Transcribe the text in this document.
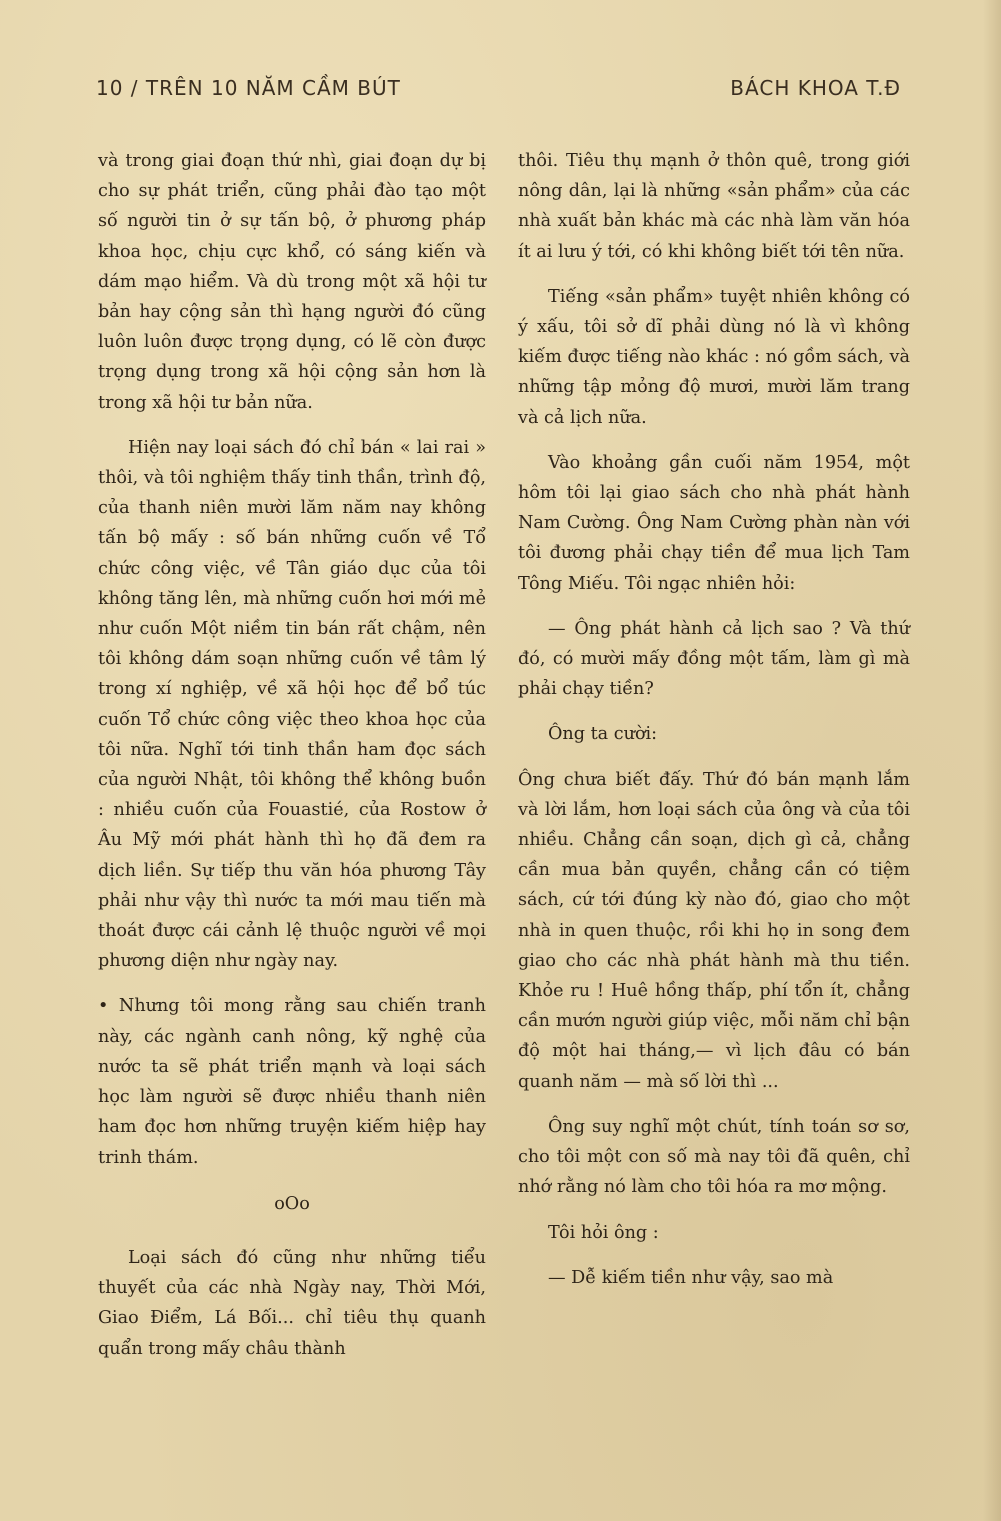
10 / TRÊN 10 NĂM CẦM BÚT	BÁCH KHOA T.Đ

và trong giai đoạn thứ nhì, giai đoạn dự bị cho sự phát triển, cũng phải đào tạo một số người tin ở sự tấn bộ, ở phương pháp khoa học, chịu cực khổ, có sáng kiến và dám mạo hiểm. Và dù trong một xã hội tư bản hay cộng sản thì hạng người đó cũng luôn luôn được trọng dụng, có lẽ còn được trọng dụng trong xã hội cộng sản hơn là trong xã hội tư bản nữa.

Hiện nay loại sách đó chỉ bán « lai rai » thôi, và tôi nghiệm thấy tinh thần, trình độ, của thanh niên mười lăm năm nay không tấn bộ mấy : số bán những cuốn về Tổ chức công việc, về Tân giáo dục của tôi không tăng lên, mà những cuốn hơi mới mẻ như cuốn Một niềm tin bán rất chậm, nên tôi không dám soạn những cuốn về tâm lý trong xí nghiệp, về xã hội học để bổ túc cuốn Tổ chức công việc theo khoa học của tôi nữa. Nghĩ tới tinh thần ham đọc sách của người Nhật, tôi không thể không buồn : nhiều cuốn của Fouastié, của Rostow ở Âu Mỹ mới phát hành thì họ đã đem ra dịch liền. Sự tiếp thu văn hóa phương Tây phải như vậy thì nước ta mới mau tiến mà thoát được cái cảnh lệ thuộc người về mọi phương diện như ngày nay.

• Nhưng tôi mong rằng sau chiến tranh này, các ngành canh nông, kỹ nghệ của nước ta sẽ phát triển mạnh và loại sách học làm người sẽ được nhiều thanh niên ham đọc hơn những truyện kiếm hiệp hay trinh thám.

oOo

Loại sách đó cũng như những tiểu thuyết của các nhà Ngày nay, Thời Mới, Giao Điểm, Lá Bối... chỉ tiêu thụ quanh quẩn trong mấy châu thành

thôi. Tiêu thụ mạnh ở thôn quê, trong giới nông dân, lại là những «sản phẩm» của các nhà xuất bản khác mà các nhà làm văn hóa ít ai lưu ý tới, có khi không biết tới tên nữa.

Tiếng «sản phẩm» tuyệt nhiên không có ý xấu, tôi sở dĩ phải dùng nó là vì không kiếm được tiếng nào khác : nó gồm sách, và những tập mỏng độ mươi, mười lăm trang và cả lịch nữa.

Vào khoảng gần cuối năm 1954, một hôm tôi lại giao sách cho nhà phát hành Nam Cường. Ông Nam Cường phàn nàn với tôi đương phải chạy tiền để mua lịch Tam Tông Miếu. Tôi ngạc nhiên hỏi:

— Ông phát hành cả lịch sao ? Và thứ đó, có mười mấy đồng một tấm, làm gì mà phải chạy tiền?

Ông ta cười:

Ông chưa biết đấy. Thứ đó bán mạnh lắm và lời lắm, hơn loại sách của ông và của tôi nhiều. Chẳng cần soạn, dịch gì cả, chẳng cần mua bản quyền, chẳng cần có tiệm sách, cứ tới đúng kỳ nào đó, giao cho một nhà in quen thuộc, rồi khi họ in song đem giao cho các nhà phát hành mà thu tiền. Khỏe ru ! Huê hồng thấp, phí tổn ít, chẳng cần mướn người giúp việc, mỗi năm chỉ bận độ một hai tháng,— vì lịch đâu có bán quanh năm — mà số lời thì ...

Ông suy nghĩ một chút, tính toán sơ sơ, cho tôi một con số mà nay tôi đã quên, chỉ nhớ rằng nó làm cho tôi hóa ra mơ mộng.

Tôi hỏi ông :

— Dễ kiếm tiền như vậy, sao mà
